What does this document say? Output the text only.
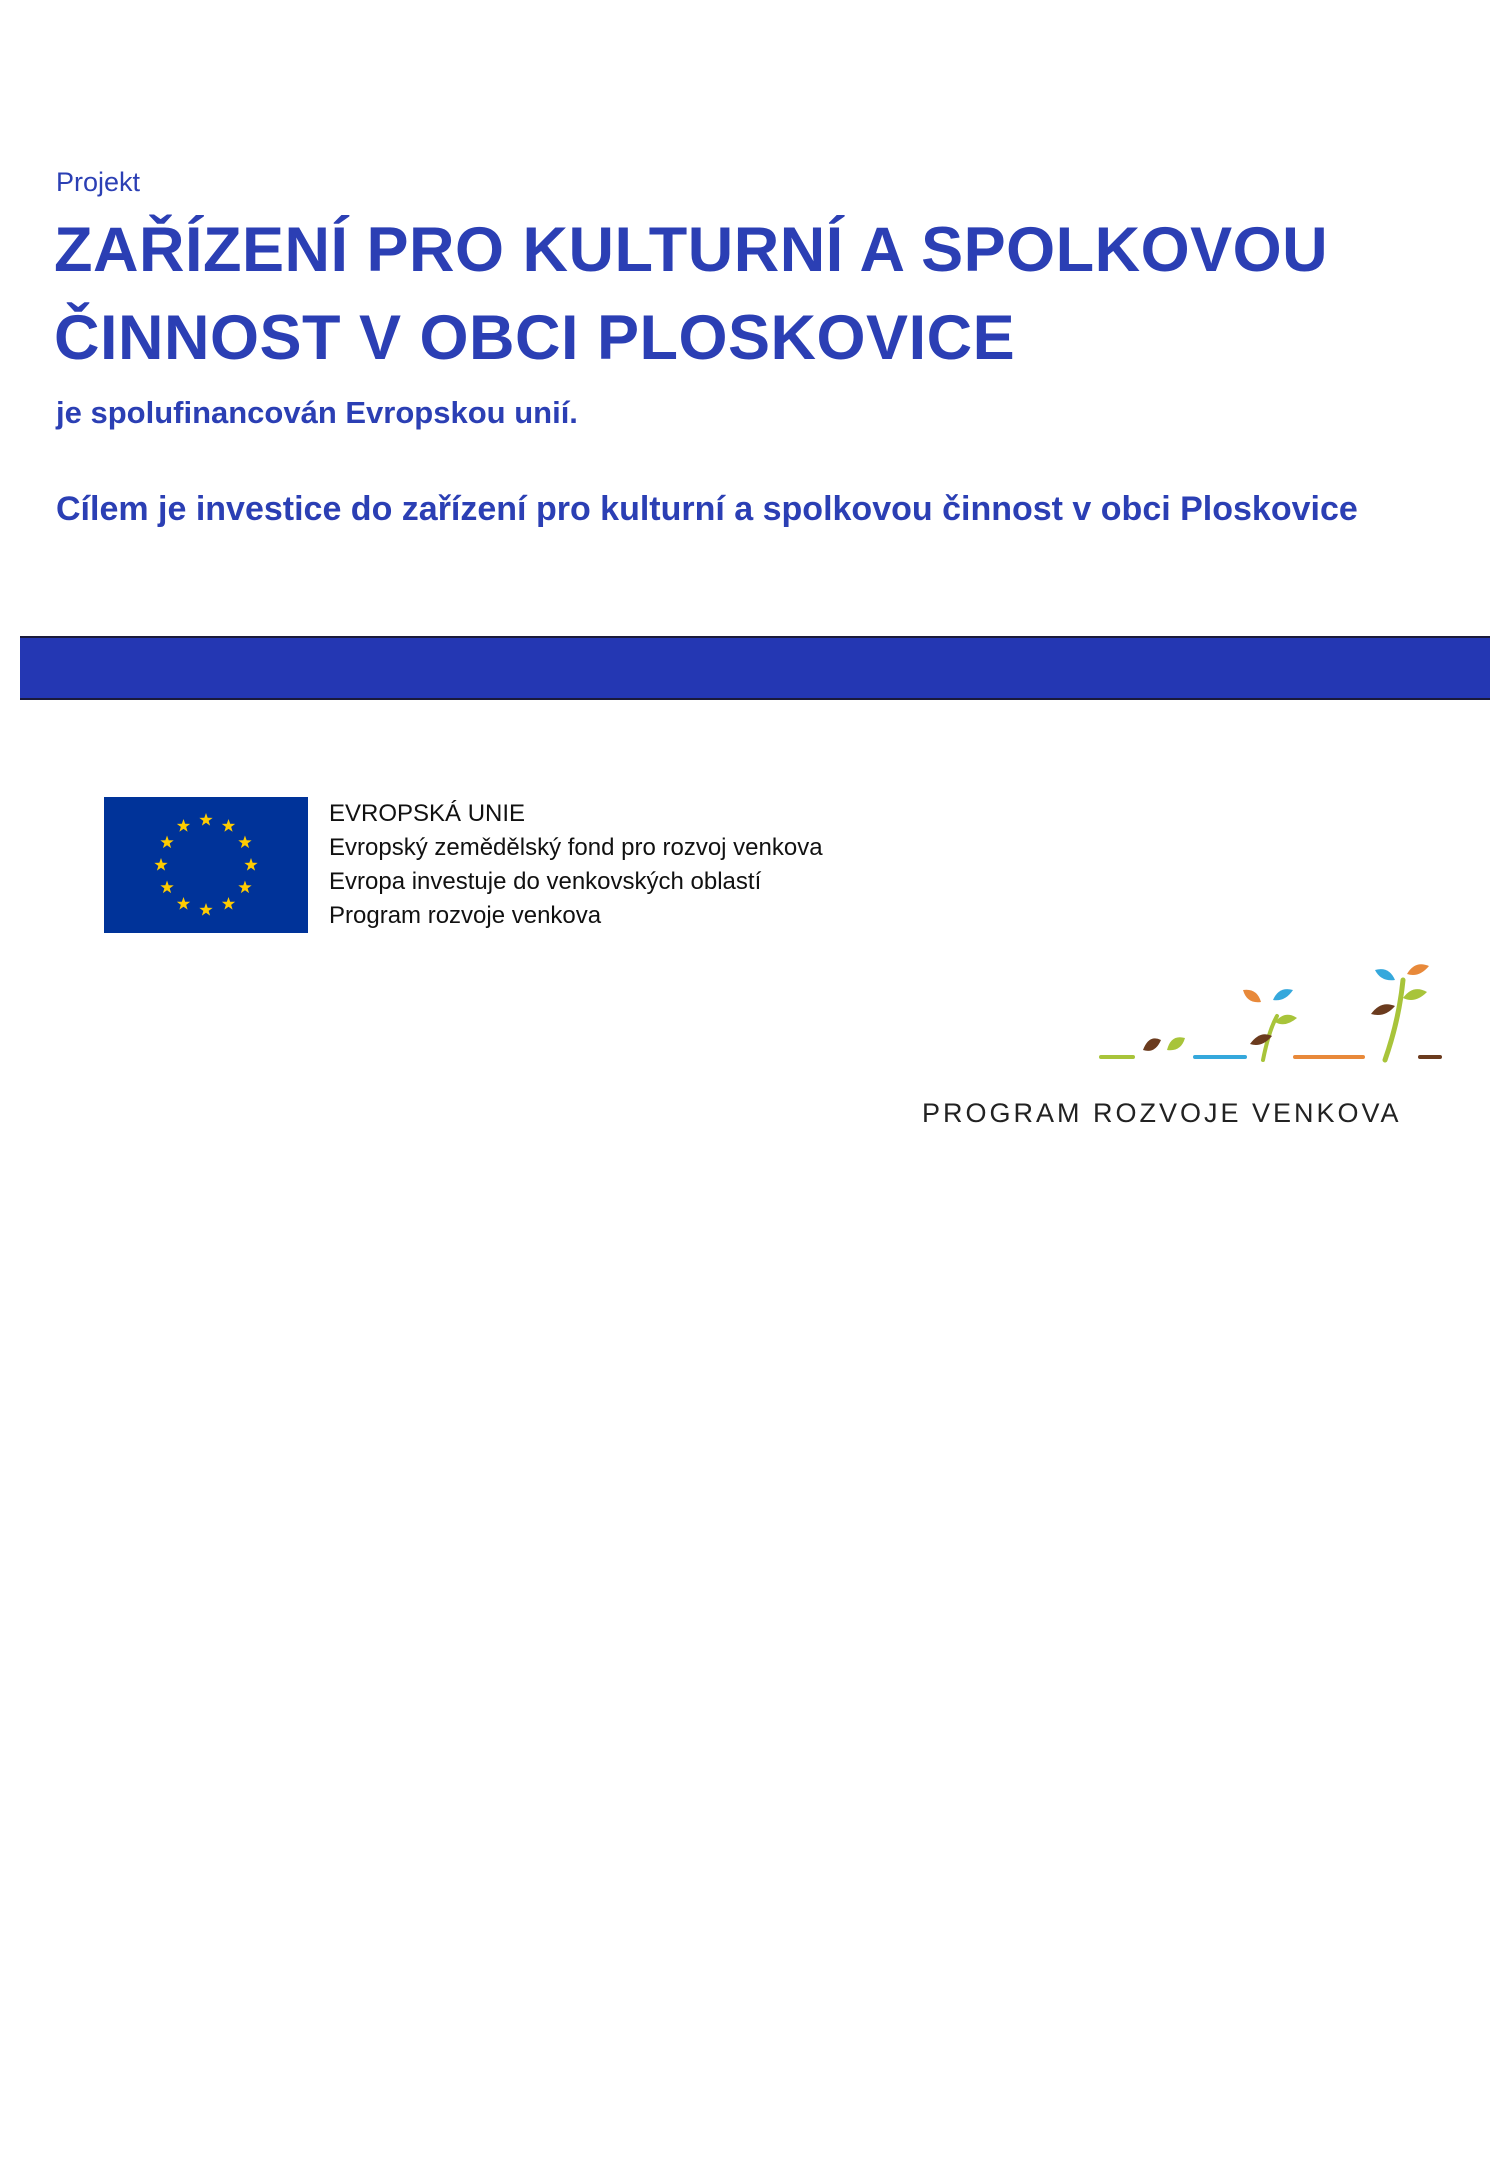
Projekt
ZAŘÍZENÍ PRO KULTURNÍ A SPOLKOVOU
ČINNOST V OBCI PLOSKOVICE
je spolufinancován Evropskou unií.
Cílem je investice do zařízení pro kulturní a spolkovou činnost v obci Ploskovice
EVROPSKÁ UNIE
Evropský zemědělský fond pro rozvoj venkova
Evropa investuje do venkovských oblastí
Program rozvoje venkova
PROGRAM ROZVOJE VENKOVA
